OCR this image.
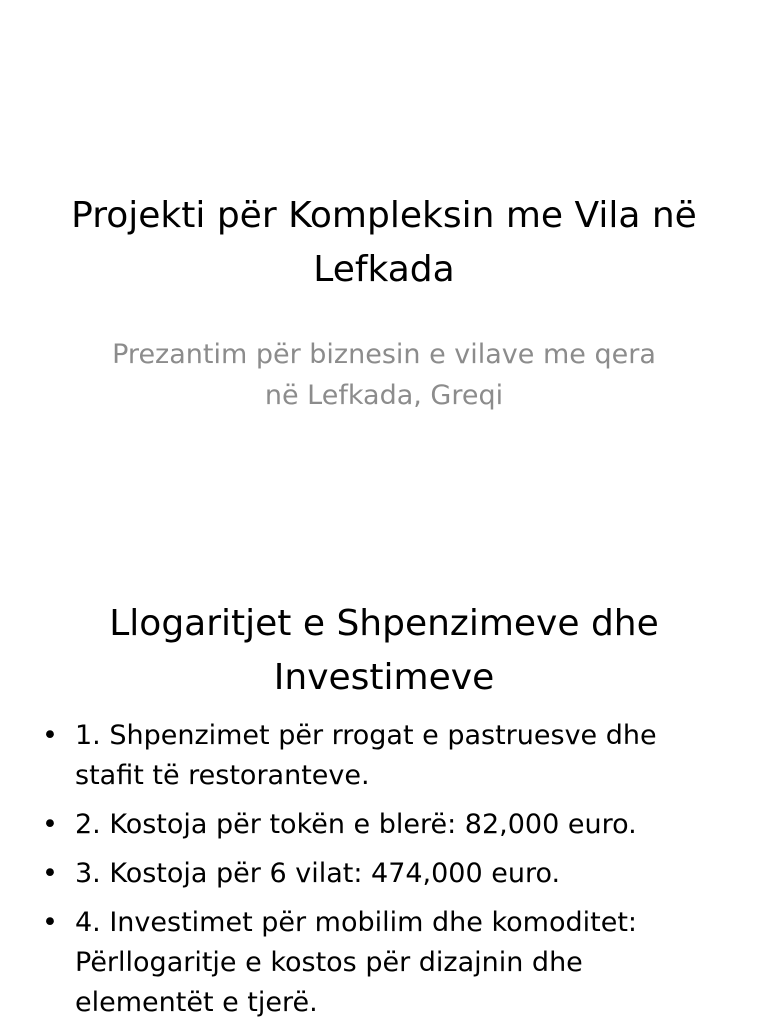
Projekti për Kompleksin me Vila në Lefkada

Prezantim për biznesin e vilave me qera në Lefkada, Greqi

Llogaritjet e Shpenzimeve dhe Investimeve
• 1. Shpenzimet për rrogat e pastruesve dhe stafit të restoranteve.
• 2. Kostoja për tokën e blerë: 82,000 euro.
• 3. Kostoja për 6 vilat: 474,000 euro.
• 4. Investimet për mobilim dhe komoditet: Përllogaritje e kostos për dizajnin dhe elementët e tjerë.
